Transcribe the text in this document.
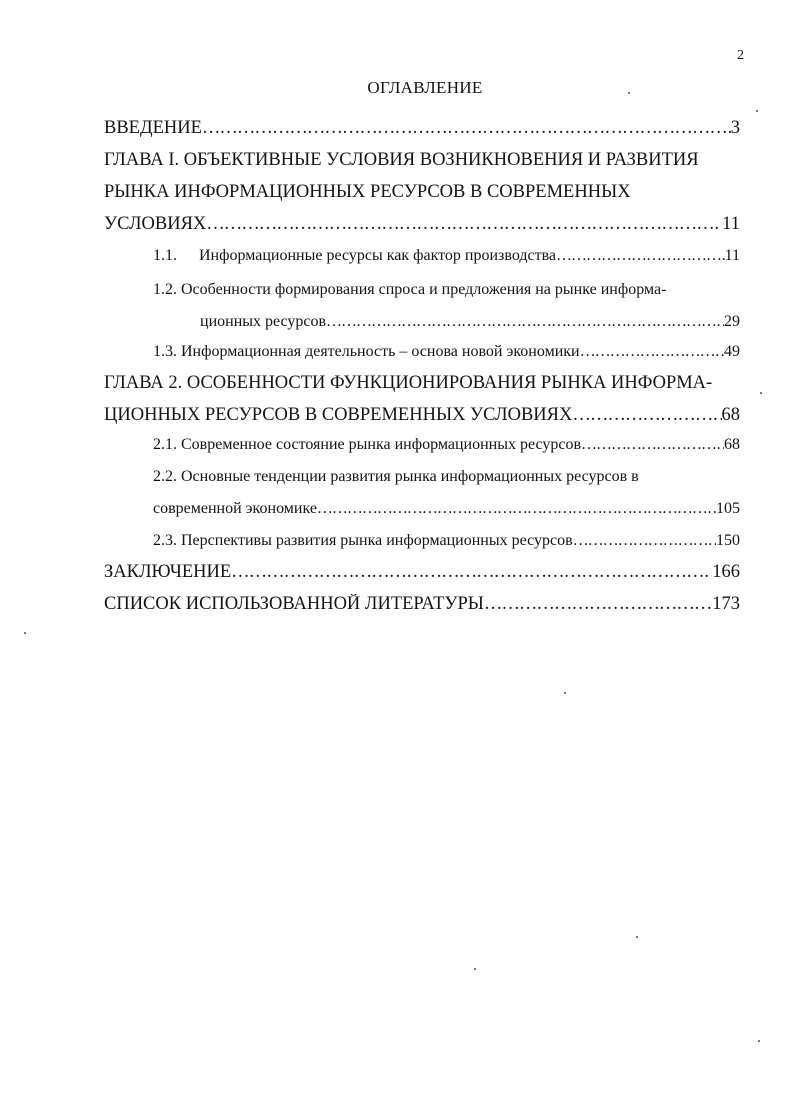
2
ОГЛАВЛЕНИЕ
ВВЕДЕНИЕ …………………………………………………………………………………………………………………………………………	3
ГЛАВА I. ОБЪЕКТИВНЫЕ УСЛОВИЯ ВОЗНИКНОВЕНИЯ И РАЗВИТИЯ
РЫНКА ИНФОРМАЦИОННЫХ РЕСУРСОВ В СОВРЕМЕННЫХ
УСЛОВИЯХ …………………………………………………………………………………………………………………………………………	11
1.1.	Информационные ресурсы как фактор производства …………………………………………………………………………………………………………………………………………	11
1.2. Особенности формирования спроса и предложения на рынке информа-
ционных ресурсов …………………………………………………………………………………………………………………………………………	29
1.3. Информационная деятельность – основа новой экономики …………………………………………………………………………………………………………………………………………	49
ГЛАВА 2. ОСОБЕННОСТИ ФУНКЦИОНИРОВАНИЯ РЫНКА ИНФОРМА-
ЦИОННЫХ РЕСУРСОВ В СОВРЕМЕННЫХ УСЛОВИЯХ …………………………………………………………………………………………………………………………………………	68
2.1. Современное состояние рынка информационных ресурсов …………………………………………………………………………………………………………………………………………	68
2.2. Основные тенденции развития рынка информационных ресурсов в
современной экономике …………………………………………………………………………………………………………………………………………	105
2.3. Перспективы развития рынка информационных ресурсов …………………………………………………………………………………………………………………………………………	150
ЗАКЛЮЧЕНИЕ …………………………………………………………………………………………………………………………………………	166
СПИСОК ИСПОЛЬЗОВАННОЙ ЛИТЕРАТУРЫ …………………………………………………………………………………………………………………………………………	173
